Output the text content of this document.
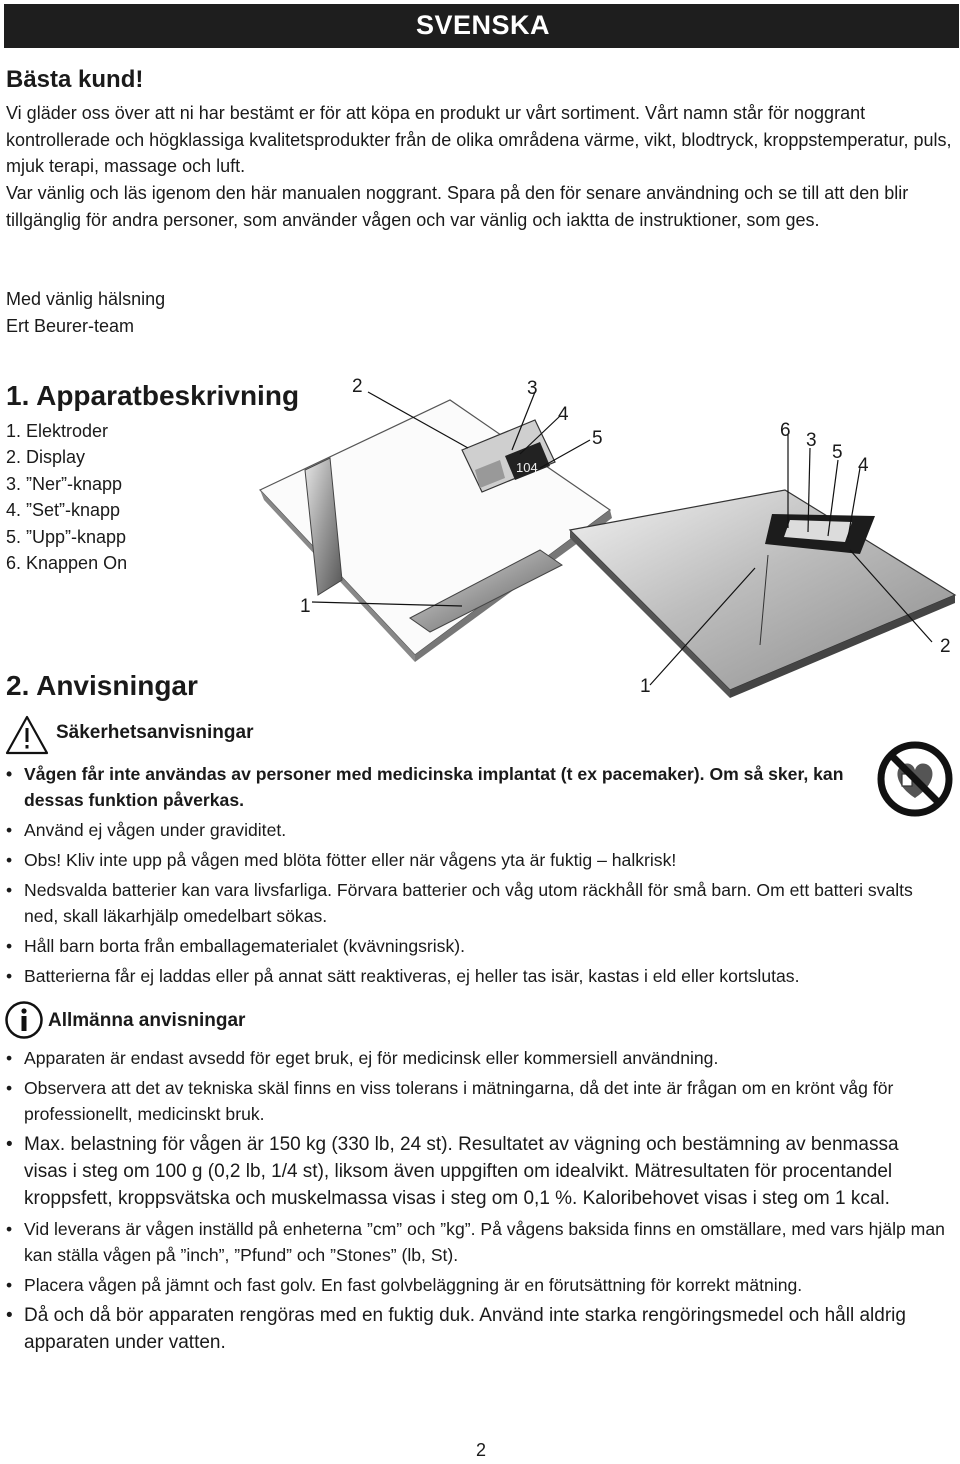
SVENSKA
Bästa kund!
Vi gläder oss över att ni har bestämt er för att köpa en produkt ur vårt sortiment. Vårt namn står för noggrant kontrollerade och högklassiga kvalitetsprodukter från de olika områdena värme, vikt, blodtryck, kroppstemperatur, puls, mjuk terapi, massage och luft.
Var vänlig och läs igenom den här manualen noggrant. Spara på den för senare användning och se till att den blir tillgänglig för andra personer, som använder vågen och var vänlig och iaktta de instruktioner, som ges.
Med vänlig hälsning
Ert Beurer-team
1. Apparatbeskrivning
1. Elektroder
2. Display
3. ”Ner”-knapp
4. ”Set”-knapp
5. ”Upp”-knapp
6. Knappen On
104
2	3
4
5
1
6 3
5
4
2
1
2. Anvisningar
Säkerhetsanvisningar
• Vågen får inte användas av personer med medicinska implantat (t ex pacemaker). Om så sker, kan dessas funktion påverkas.
• Använd ej vågen under graviditet.
• Obs! Kliv inte upp på vågen med blöta fötter eller när vågens yta är fuktig – halkrisk!
• Nedsvalda batterier kan vara livsfarliga. Förvara batterier och våg utom räckhåll för små barn. Om ett batteri svalts ned, skall läkarhjälp omedelbart sökas.
• Håll barn borta från emballagematerialet (kvävningsrisk).
• Batterierna får ej laddas eller på annat sätt reaktiveras, ej heller tas isär, kastas i eld eller kortslutas.
Allmänna anvisningar
• Apparaten är endast avsedd för eget bruk, ej för medicinsk eller kommersiell användning.
• Observera att det av tekniska skäl finns en viss tolerans i mätningarna, då det inte är frågan om en krönt våg för professionellt, medicinskt bruk.
• Max. belastning för vågen är 150 kg (330 lb, 24 st). Resultatet av vägning och bestämning av benmassa visas i steg om 100 g (0,2 lb, 1/4 st), liksom även uppgiften om idealvikt. Mätresultaten för procentandel kroppsfett, kroppsvätska och muskelmassa visas i steg om 0,1 %. Kaloribehovet visas i steg om 1 kcal.
• Vid leverans är vågen inställd på enheterna ”cm” och ”kg”. På vågens baksida finns en omställare, med vars hjälp man kan ställa vågen på ”inch”, ”Pfund” och ”Stones” (lb, St).
• Placera vågen på jämnt och fast golv. En fast golvbeläggning är en förutsättning för korrekt mätning.
• Då och då bör apparaten rengöras med en fuktig duk. Använd inte starka rengöringsmedel och håll aldrig apparaten under vatten.
2
